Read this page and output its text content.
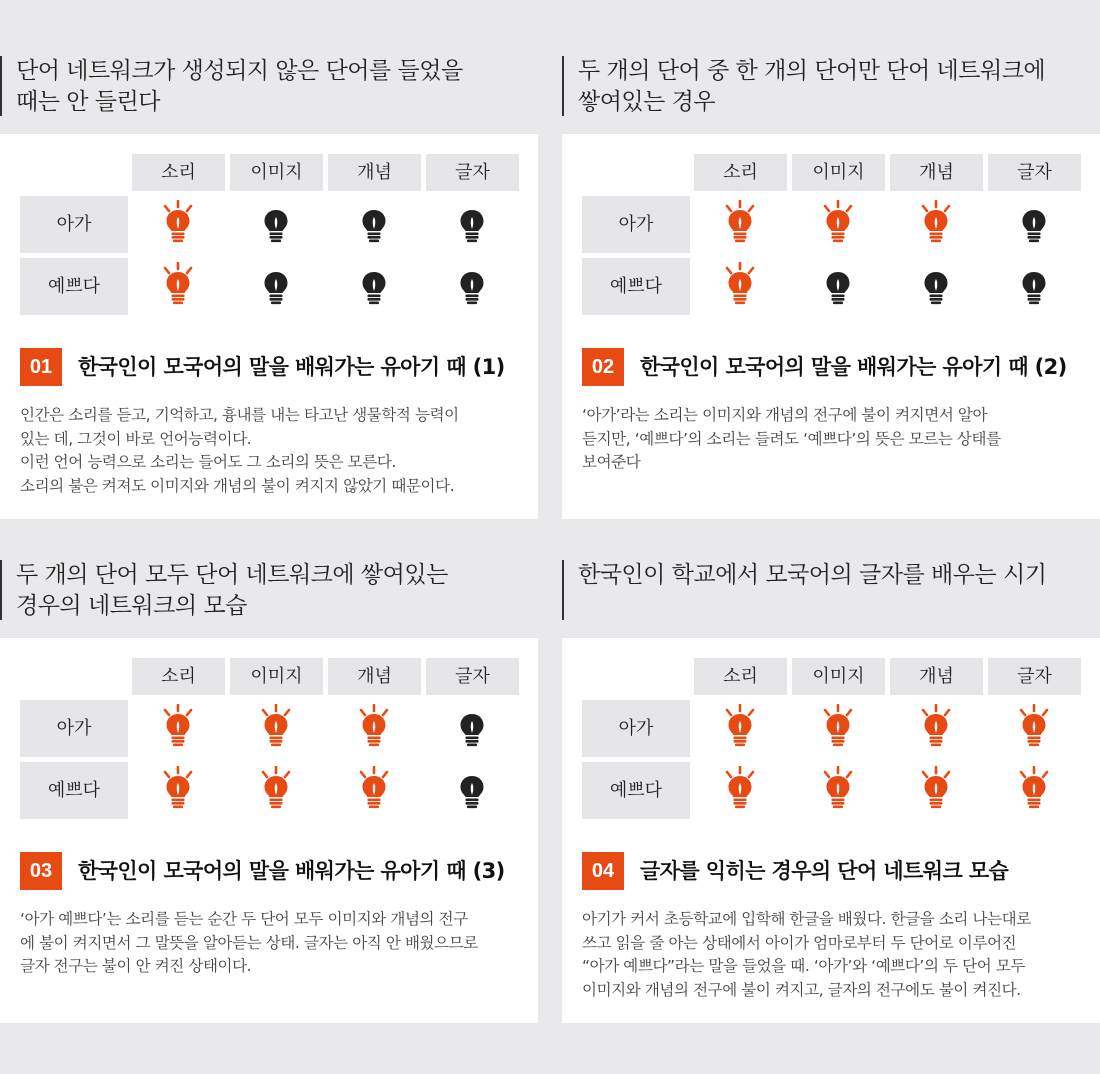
단어 네트워크가 생성되지 않은 단어를 들었을
때는 안 들린다
소리	이미지	개념	글자
아가
예쁘다
01	한국인이 모국어의 말을 배워가는 유아기 때 (1)

인간은 소리를 듣고, 기억하고, 흉내를 내는 타고난 생물학적 능력이

있는 데, 그것이 바로 언어능력이다.

이런 언어 능력으로 소리는 들어도 그 소리의 뜻은 모른다.

소리의 불은 켜져도 이미지와 개념의 불이 켜지지 않았기 때문이다.

두 개의 단어 중 한 개의 단어만 단어 네트워크에
쌓여있는 경우
소리	이미지	개념	글자
아가
예쁘다
02	한국인이 모국어의 말을 배워가는 유아기 때 (2)

‘아가’라는 소리는 이미지와 개념의 전구에 불이 켜지면서 알아

듣지만, ‘예쁘다’의 소리는 들려도 ‘예쁘다’의 뜻은 모르는 상태를

보여준다

두 개의 단어 모두 단어 네트워크에 쌓여있는
경우의 네트워크의 모습
소리	이미지	개념	글자
아가
예쁘다
03	한국인이 모국어의 말을 배워가는 유아기 때 (3)

‘아가 예쁘다’는 소리를 듣는 순간 두 단어 모두 이미지와 개념의 전구

에 불이 켜지면서 그 말뜻을 알아듣는 상태. 글자는 아직 안 배웠으므로

글자 전구는 불이 안 켜진 상태이다.

한국인이 학교에서 모국어의 글자를 배우는 시기
소리	이미지	개념	글자
아가
예쁘다
04	글자를 익히는 경우의 단어 네트워크 모습

아기가 커서 초등학교에 입학해 한글을 배웠다. 한글을 소리 나는대로

쓰고 읽을 줄 아는 상태에서 아이가 엄마로부터 두 단어로 이루어진

“아가 예쁘다”라는 말을 들었을 때. ‘아가’와 ‘예쁘다’의 두 단어 모두

이미지와 개념의 전구에 불이 켜지고, 글자의 전구에도 불이 켜진다.
